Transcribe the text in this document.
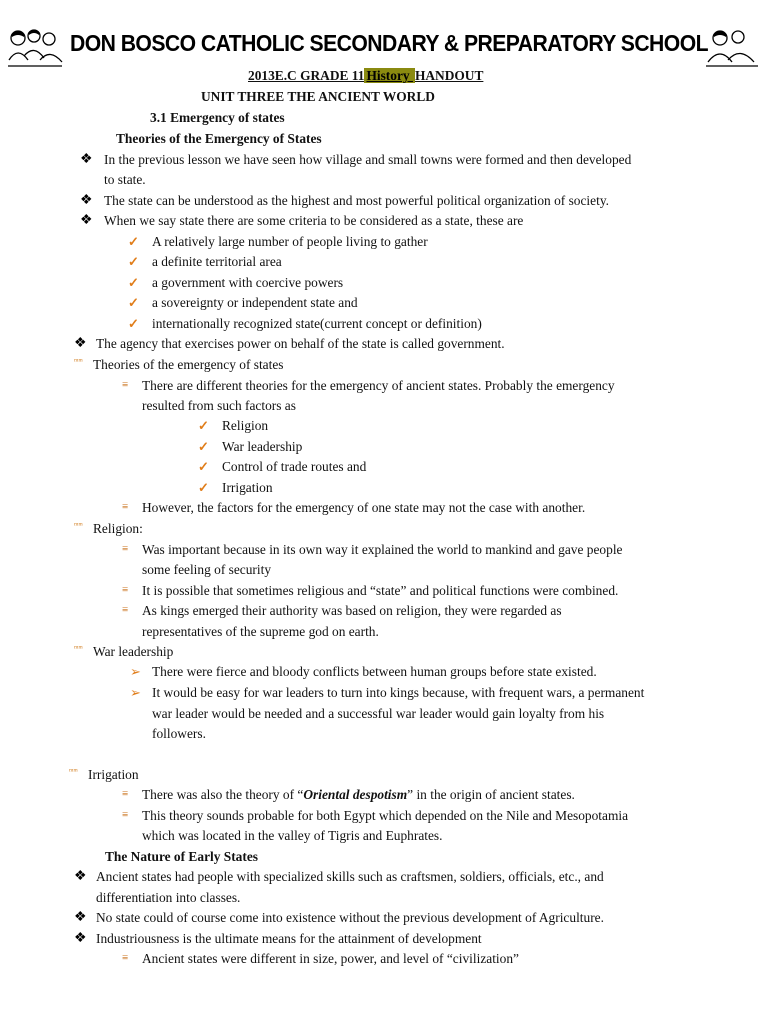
DON BOSCO CATHOLIC SECONDARY & PREPARATORY SCHOOL
2013E.C GRADE 11 History HANDOUT
UNIT THREE THE ANCIENT WORLD
3.1 Emergency of states
Theories of the Emergency of States
❖ In the previous lesson we have seen how village and small towns were formed and then developed
to state.
❖ The state can be understood as the highest and most powerful political organization of society.
❖ When we say state there are some criteria to be considered as a state, these are
✓ A relatively large number of people living to gather
✓ a definite territorial area
✓ a government with coercive powers
✓ a sovereignty or independent state and
✓ internationally recognized state(current concept or definition)
❖ The agency that exercises power on behalf of the state is called government.
ᵐᵐ Theories of the emergency of states
≡ There are different theories for the emergency of ancient states. Probably the emergency
resulted from such factors as
✓ Religion
✓ War leadership
✓ Control of trade routes and
✓ Irrigation
≡ However, the factors for the emergency of one state may not the case with another.
ᵐᵐ Religion:
≡ Was important because in its own way it explained the world to mankind and gave people
some feeling of security
≡ It is possible that sometimes religious and “state” and political functions were combined.
≡ As kings emerged their authority was based on religion, they were regarded as
representatives of the supreme god on earth.
ᵐᵐ War leadership
➢ There were fierce and bloody conflicts between human groups before state existed.
➢ It would be easy for war leaders to turn into kings because, with frequent wars, a permanent
war leader would be needed and a successful war leader would gain loyalty from his
followers.
ᵐᵐ Irrigation
≡ There was also the theory of “Oriental despotism” in the origin of ancient states.
≡ This theory sounds probable for both Egypt which depended on the Nile and Mesopotamia
which was located in the valley of Tigris and Euphrates.
The Nature of Early States
❖ Ancient states had people with specialized skills such as craftsmen, soldiers, officials, etc., and
differentiation into classes.
❖ No state could of course come into existence without the previous development of Agriculture.
❖ Industriousness is the ultimate means for the attainment of development
≡ Ancient states were different in size, power, and level of “civilization”
